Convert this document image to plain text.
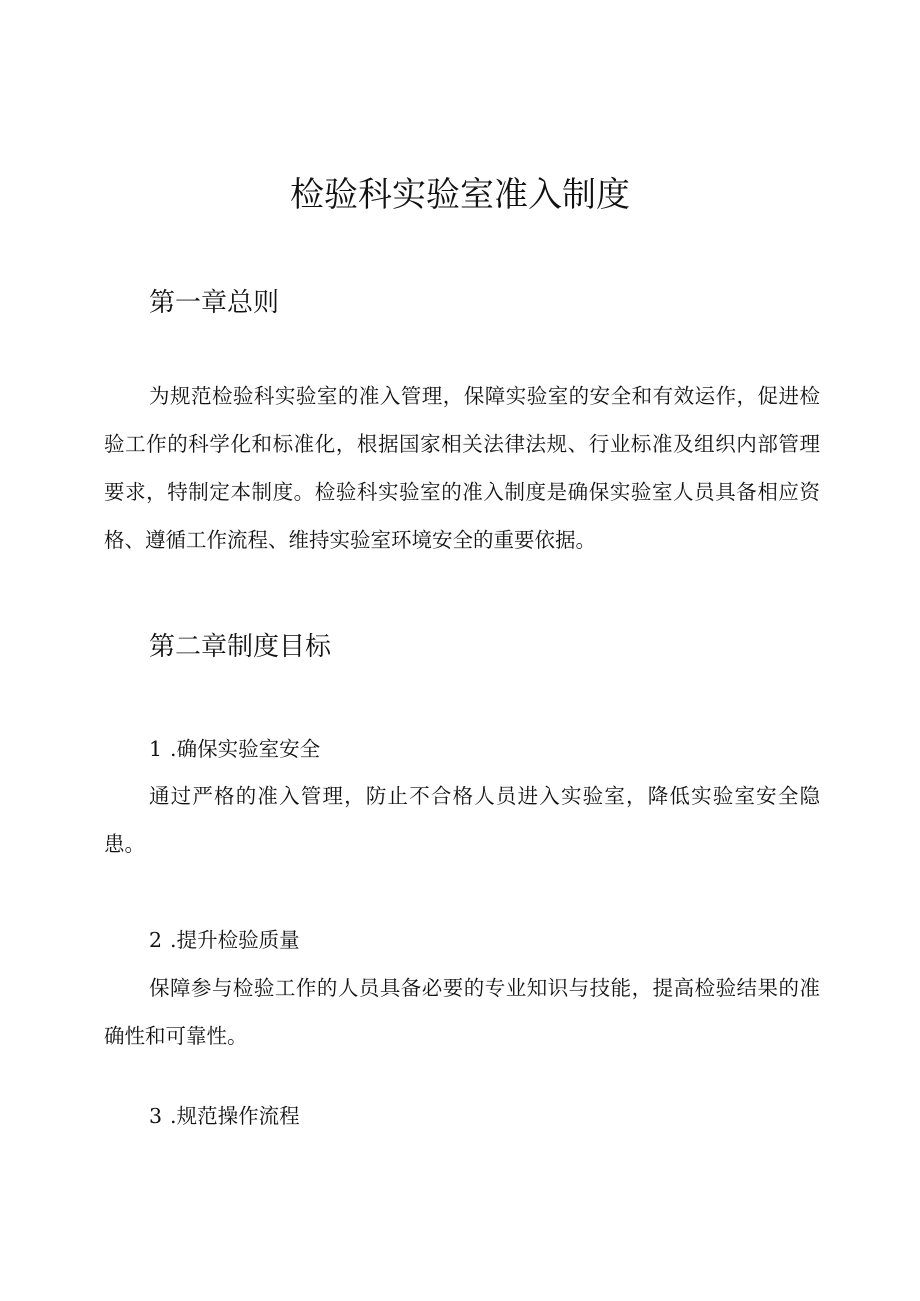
检验科实验室准入制度
第一章总则

为规范检验科实验室的准入管理，保障实验室的安全和有效运作，促进检验工作的科学化和标准化，根据国家相关法律法规、行业标准及组织内部管理要求，特制定本制度。检验科实验室的准入制度是确保实验室人员具备相应资格、遵循工作流程、维持实验室环境安全的重要依据。

第二章制度目标
1 .确保实验室安全

通过严格的准入管理，防止不合格人员进入实验室，降低实验室安全隐患。

2 .提升检验质量

保障参与检验工作的人员具备必要的专业知识与技能，提高检验结果的准确性和可靠性。

3 .规范操作流程
